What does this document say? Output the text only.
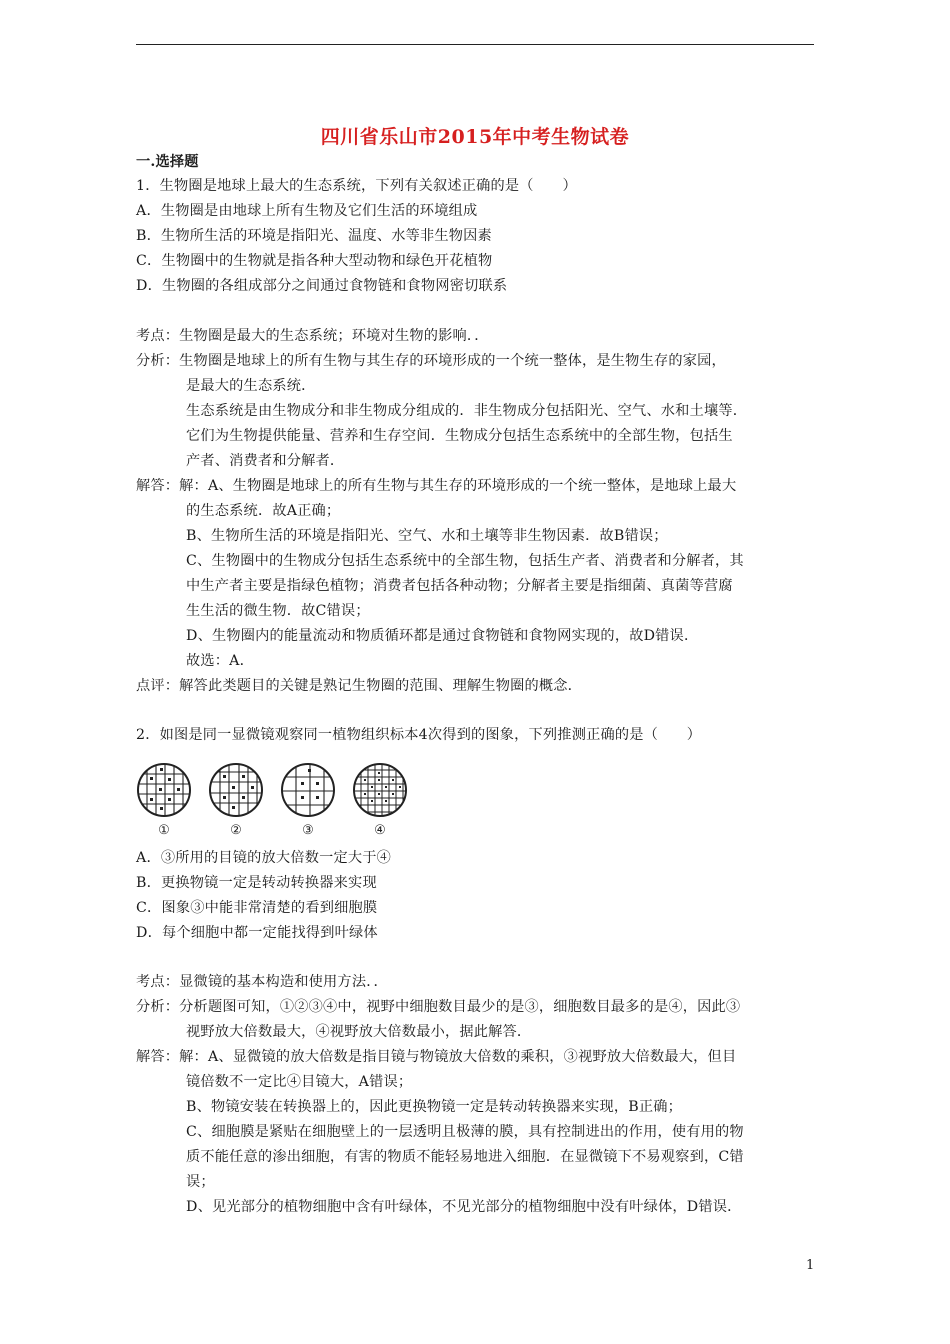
四川省乐山市2015年中考生物试卷
一.选择题
1．生物圈是地球上最大的生态系统，下列有关叙述正确的是（　　）
A．生物圈是由地球上所有生物及它们生活的环境组成
B．生物所生活的环境是指阳光、温度、水等非生物因素
C．生物圈中的生物就是指各种大型动物和绿色开花植物
D．生物圈的各组成部分之间通过食物链和食物网密切联系
考点：生物圈是最大的生态系统；环境对生物的影响．．
分析：生物圈是地球上的所有生物与其生存的环境形成的一个统一整体，是生物生存的家园，
是最大的生态系统．
生态系统是由生物成分和非生物成分组成的．非生物成分包括阳光、空气、水和土壤等．
它们为生物提供能量、营养和生存空间．生物成分包括生态系统中的全部生物，包括生
产者、消费者和分解者．
解答：解：A、生物圈是地球上的所有生物与其生存的环境形成的一个统一整体，是地球上最大
的生态系统．故A正确；
B、生物所生活的环境是指阳光、空气、水和土壤等非生物因素．故B错误；
C、生物圈中的生物成分包括生态系统中的全部生物，包括生产者、消费者和分解者，其
中生产者主要是指绿色植物；消费者包括各种动物；分解者主要是指细菌、真菌等营腐
生生活的微生物．故C错误；
D、生物圈内的能量流动和物质循环都是通过食物链和食物网实现的，故D错误．
故选：A．
点评：解答此类题目的关键是熟记生物圈的范围、理解生物圈的概念．
2．如图是同一显微镜观察同一植物组织标本4次得到的图象，下列推测正确的是（　　）
①	②	③	④
A．③所用的目镜的放大倍数一定大于④
B．更换物镜一定是转动转换器来实现
C．图象③中能非常清楚的看到细胞膜
D．每个细胞中都一定能找得到叶绿体
考点：显微镜的基本构造和使用方法．．
分析：分析题图可知，①②③④中，视野中细胞数目最少的是③，细胞数目最多的是④，因此③
视野放大倍数最大，④视野放大倍数最小，据此解答．
解答：解：A、显微镜的放大倍数是指目镜与物镜放大倍数的乘积，③视野放大倍数最大，但目
镜倍数不一定比④目镜大，A错误；
B、物镜安装在转换器上的，因此更换物镜一定是转动转换器来实现，B正确；
C、细胞膜是紧贴在细胞壁上的一层透明且极薄的膜，具有控制进出的作用，使有用的物
质不能任意的渗出细胞，有害的物质不能轻易地进入细胞．在显微镜下不易观察到，C错
误；
D、见光部分的植物细胞中含有叶绿体，不见光部分的植物细胞中没有叶绿体，D错误．
1
